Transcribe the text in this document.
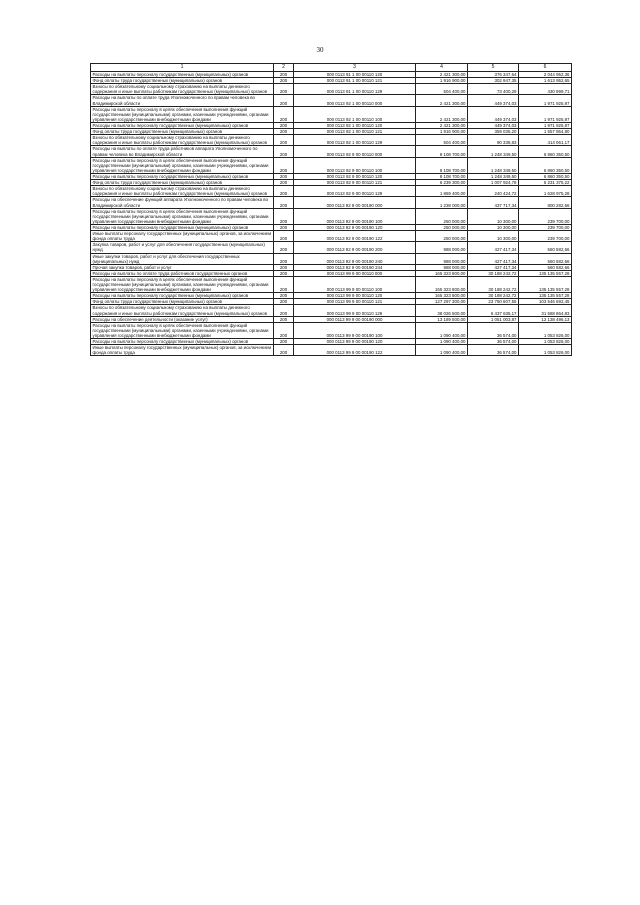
30
1	2	3	4	5	6
Расходы на выплаты персоналу государственных (муниципальных) органов	200	000 0113 91 1 00 00110 120	2 421 300,00	376 347,64	2 044 952,36
Фонд оплаты труда государственных (муниципальных) органов	200	000 0113 91 1 00 00110 121	1 916 900,00	302 947,35	1 613 952,65
Взносы по обязательному социальному страхованию на выплаты денежного содержания и иные выплаты работникам государственных (муниципальных) органов	200	000 0113 91 1 00 00110 129	504 400,00	73 400,29	430 999,71
Расходы на выплаты по оплате труда Уполномоченного по правам человека во Владимирской области	200	000 0113 92 1 00 00110 000	2 421 300,00	449 374,03	1 971 925,97
Расходы на выплаты персоналу в целях обеспечения выполнения функций государственными (муниципальными) органами, казенными учреждениями, органами управления государственными внебюджетными фондами	200	000 0113 92 1 00 00110 100	2 421 300,00	449 374,03	1 971 925,97
Расходы на выплаты персоналу государственных (муниципальных) органов	200	000 0113 92 1 00 00110 120	2 421 300,00	449 374,03	1 971 925,97
Фонд оплаты труда государственных (муниципальных) органов	200	000 0113 92 1 00 00110 121	1 916 900,00	359 035,20	1 557 864,80
Взносы по обязательному социальному страхованию на выплаты денежного содержания и иные выплаты работникам государственных (муниципальных) органов	200	000 0113 92 1 00 00110 129	504 400,00	90 338,83	414 061,17
Расходы на выплаты по оплате труда работников аппарата Уполномоченного по правам человека во Владимирской области	200	000 0113 92 9 00 00110 000	8 108 700,00	1 248 349,50	6 860 350,50
Расходы на выплаты персоналу в целях обеспечения выполнения функций государственными (муниципальными) органами, казенными учреждениями, органами управления государственными внебюджетными фондами	200	000 0113 92 9 00 00110 100	8 108 700,00	1 248 349,50	6 860 350,50
Расходы на выплаты персоналу государственных (муниципальных) органов	200	000 0113 92 9 00 00110 120	8 108 700,00	1 248 349,50	6 860 350,50
Фонд оплаты труда государственных (муниципальных) органов	200	000 0113 92 9 00 00110 121	6 239 300,00	1 007 924,78	5 231 375,22
Взносы по обязательному социальному страхованию на выплаты денежного содержания и иные выплаты работникам государственных (муниципальных) органов	200	000 0113 92 9 00 00110 129	1 869 400,00	240 424,72	1 628 975,28
Расходы на обеспечение функций аппарата Уполномоченного по правам человека во Владимирской области	200	000 0113 92 9 00 00190 000	1 238 000,00	437 717,34	800 282,66
Расходы на выплаты персоналу в целях обеспечения выполнения функций государственными (муниципальными) органами, казенными учреждениями, органами управления государственными внебюджетными фондами	200	000 0113 92 9 00 00190 100	250 000,00	10 300,00	239 700,00
Расходы на выплаты персоналу государственных (муниципальных) органов	200	000 0113 92 9 00 00190 120	250 000,00	10 300,00	239 700,00
Иные выплаты персоналу государственных (муниципальных) органов, за исключением фонда оплаты труда	200	000 0113 92 9 00 00190 122	250 000,00	10 300,00	239 700,00
Закупка товаров, работ и услуг для обеспечения государственных (муниципальных) нужд	200	000 0113 92 9 00 00190 200	988 000,00	427 417,34	560 582,66
Иные закупки товаров, работ и услуг для обеспечения государственных (муниципальных) нужд	200	000 0113 92 9 00 00190 240	988 000,00	427 417,34	560 582,66
Прочая закупка товаров, работ и услуг	200	000 0113 92 9 00 00190 244	988 000,00	427 417,34	560 582,66
Расходы на выплаты по оплате труда работников государственных органов	200	000 0113 99 9 00 00110 000	165 323 800,00	30 188 242,72	135 135 557,28
Расходы на выплаты персоналу в целях обеспечения выполнения функций государственными (муниципальными) органами, казенными учреждениями, органами управления государственными внебюджетными фондами	200	000 0113 99 9 00 00110 100	165 323 800,00	30 188 242,72	135 135 557,28
Расходы на выплаты персоналу государственных (муниципальных) органов	200	000 0113 99 9 00 00110 120	165 323 800,00	30 188 242,72	135 135 557,28
Фонд оплаты труда государственных (муниципальных) органов	200	000 0113 99 9 00 00110 121	127 297 300,00	23 750 607,55	103 546 692,45
Взносы по обязательному социальному страхованию на выплаты денежного содержания и иные выплаты работникам государственных (муниципальных) органов	200	000 0113 99 9 00 00110 129	38 026 500,00	6 437 635,17	31 588 864,83
Расходы на обеспечение деятельности (оказание услуг)	200	000 0113 99 9 00 00190 000	13 189 500,00	1 051 003,87	12 138 496,13
Расходы на выплаты персоналу в целях обеспечения выполнения функций государственными (муниципальными) органами, казенными учреждениями, органами управления государственными внебюджетными фондами	200	000 0113 99 9 00 00190 100	1 090 400,00	36 574,00	1 053 826,00
Расходы на выплаты персоналу государственных (муниципальных) органов	200	000 0113 99 9 00 00190 120	1 090 400,00	36 574,00	1 053 826,00
Иные выплаты персоналу государственных (муниципальных) органов, за исключением фонда оплаты труда	200	000 0113 99 9 00 00190 122	1 090 400,00	36 574,00	1 053 826,00
